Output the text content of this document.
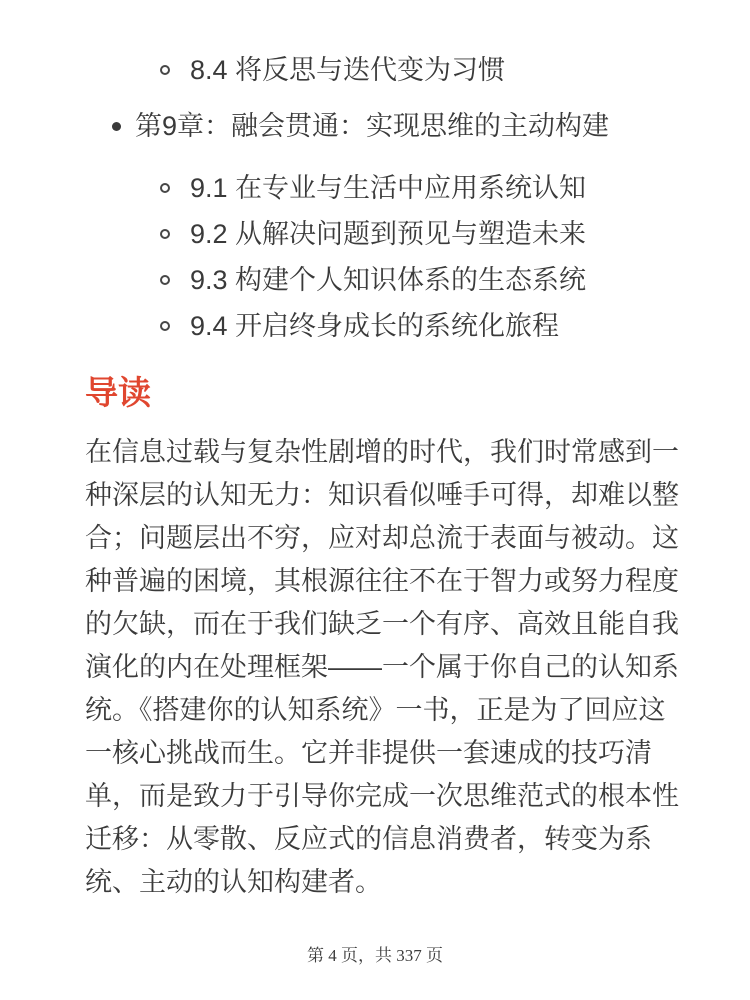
8.4 将反思与迭代变为习惯
第9章：融会贯通：实现思维的主动构建
9.1 在专业与生活中应用系统认知
9.2 从解决问题到预见与塑造未来
9.3 构建个人知识体系的生态系统
9.4 开启终身成长的系统化旅程
导读

在信息过载与复杂性剧增的时代，我们时常感到一种深层的认知无力：知识看似唾手可得，却难以整合；问题层出不穷，应对却总流于表面与被动。这种普遍的困境，其根源往往不在于智力或努力程度的欠缺，而在于我们缺乏一个有序、高效且能自我演化的内在处理框架——一个属于你自己的认知系统。《搭建你的认知系统》一书，正是为了回应这一核心挑战而生。它并非提供一套速成的技巧清单，而是致力于引导你完成一次思维范式的根本性迁移：从零散、反应式的信息消费者，转变为系统、主动的认知构建者。

第 4 页，共 337 页
